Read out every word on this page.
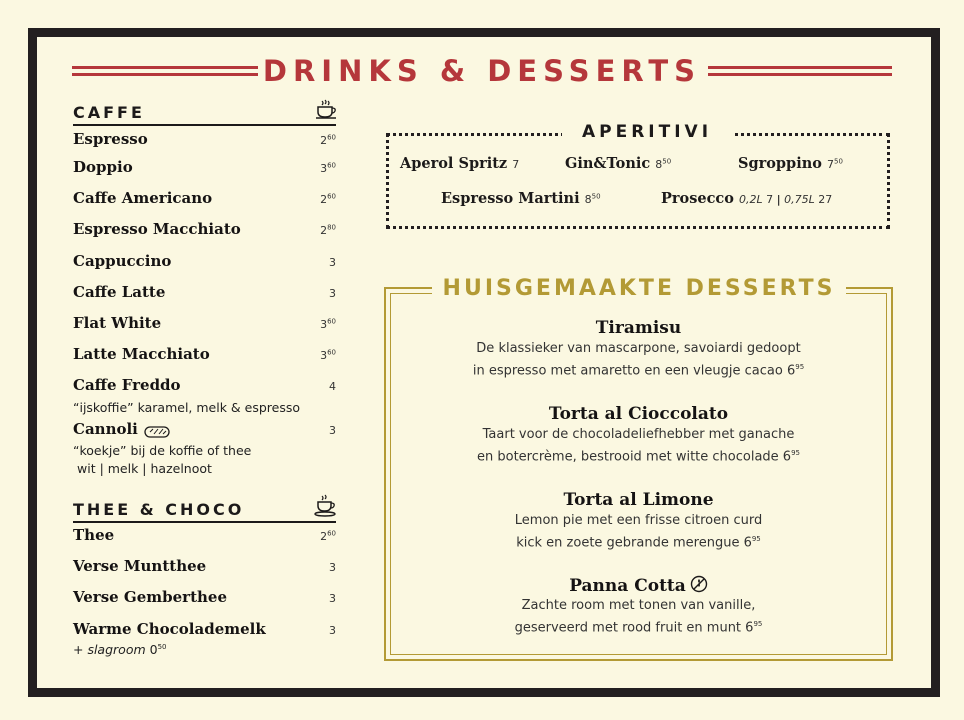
DRINKS & DESSERTS
CAFFE
Espresso	$2^{60}$
Doppio	$3^{60}$
Caffe Americano	$2^{60}$
Espresso Macchiato	$2^{80}$
Cappuccino	3
Caffe Latte	3
Flat White	$3^{60}$
Latte Macchiato	$3^{60}$
Caffe Freddo	4
Cannoli	3
“ijskoffie” karamel, melk & espresso
“koekje” bij de koffie of thee
wit | melk | hazelnoot
THEE & CHOCO
Thee	$2^{60}$
Verse Muntthee	3
Verse Gemberthee	3
Warme Chocolademelk	3
+ slagroom $0^{50}$
APERITIVI
Aperol Spritz 7	Gin&Tonic $8^{50}$	Sgroppino $7^{50}$
Espresso Martini $8^{50}$	Prosecco 0,2L 7 | 0,75L 27
HUISGEMAAKTE DESSERTS
Tiramisu
De klassieker van mascarpone, savoiardi gedoopt
in espresso met amaretto en een vleugje cacao $6^{95}$
Torta al Cioccolato
Taart voor de chocoladeliefhebber met ganache
en botercrème, bestrooid met witte chocolade $6^{95}$
Torta al Limone
Lemon pie met een frisse citroen curd
kick en zoete gebrande merengue $6^{95}$
Panna Cotta
Zachte room met tonen van vanille,
geserveerd met rood fruit en munt $6^{95}$
